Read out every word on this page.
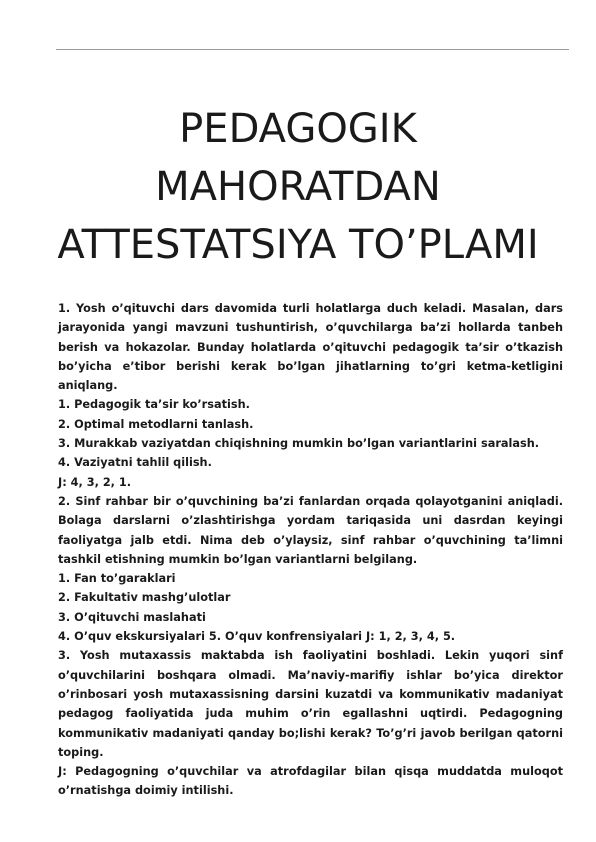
PEDAGOGIK
MAHORATDAN
ATTESTATSIYA TO’PLAMI
1. Yosh o’qituvchi dars davomida turli holatlarga duch keladi. Masalan, dars jarayonida yangi mavzuni tushuntirish, o’quvchilarga ba’zi hollarda tanbeh berish va hokazolar. Bunday holatlarda o’qituvchi pedagogik ta’sir o’tkazish bo’yicha e’tibor berishi kerak bo’lgan jihatlarning to’gri ketma-ketligini aniqlang.
1. Pedagogik ta’sir ko’rsatish.
2. Optimal metodlarni tanlash.
3. Murakkab vaziyatdan chiqishning mumkin bo’lgan variantlarini saralash.
4. Vaziyatni tahlil qilish.
J: 4, 3, 2, 1.
2. Sinf rahbar bir o’quvchining ba’zi fanlardan orqada qolayotganini aniqladi. Bolaga darslarni o’zlashtirishga yordam tariqasida uni dasrdan keyingi faoliyatga jalb etdi. Nima deb o’ylaysiz, sinf rahbar o’quvchining ta’limni tashkil etishning mumkin bo’lgan variantlarni belgilang.
1. Fan to’garaklari
2. Fakultativ mashg’ulotlar
3. O’qituvchi maslahati
4. O’quv ekskursiyalari 5. O’quv konfrensiyalari J: 1, 2, 3, 4, 5.
3. Yosh mutaxassis maktabda ish faoliyatini boshladi. Lekin yuqori sinf o’quvchilarini boshqara olmadi. Ma’naviy-marifiy ishlar bo’yica direktor o’rinbosari yosh mutaxassisning darsini kuzatdi va kommunikativ madaniyat pedagog faoliyatida juda muhim o’rin egallashni uqtirdi. Pedagogning kommunikativ madaniyati qanday bo;lishi kerak? To’g’ri javob berilgan qatorni toping.
J: Pedagogning o’quvchilar va atrofdagilar bilan qisqa muddatda muloqot o’rnatishga doimiy intilishi.
